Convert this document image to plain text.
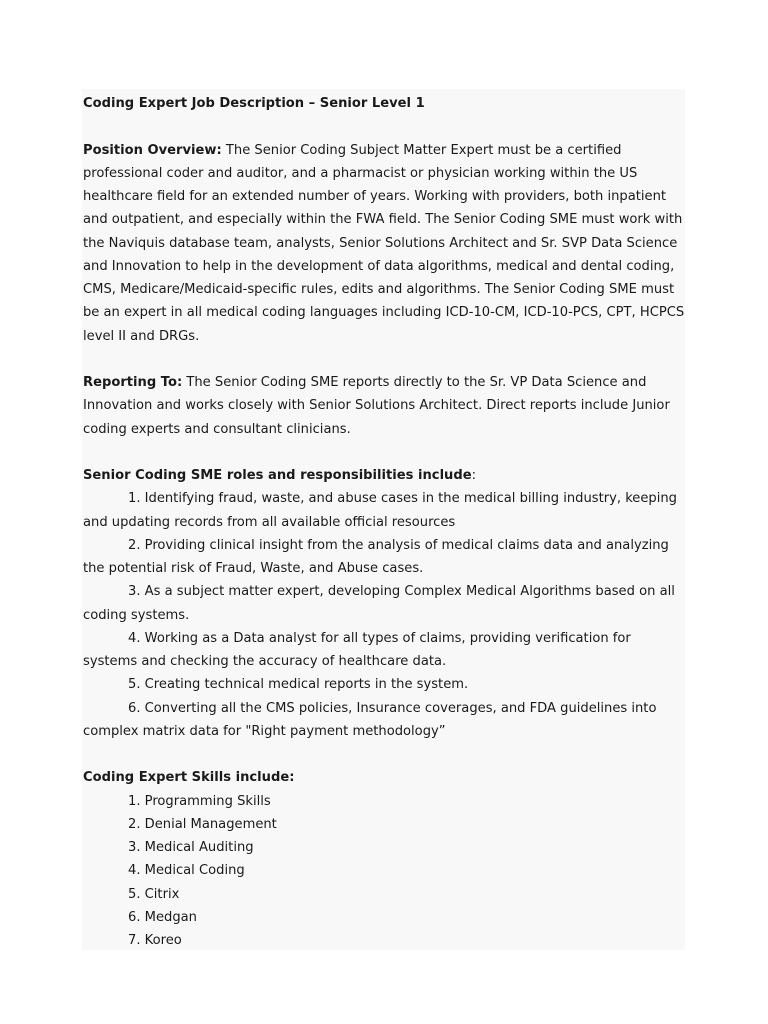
Coding Expert Job Description – Senior Level 1

Position Overview: The Senior Coding Subject Matter Expert must be a certified professional coder and auditor, and a pharmacist or physician working within the US healthcare field for an extended number of years. Working with providers, both inpatient and outpatient, and especially within the FWA field. The Senior Coding SME must work with the Naviquis database team, analysts, Senior Solutions Architect and Sr. SVP Data Science and Innovation to help in the development of data algorithms, medical and dental coding, CMS, Medicare/Medicaid-specific rules, edits and algorithms. The Senior Coding SME must be an expert in all medical coding languages including ICD-10-CM, ICD-10-PCS, CPT, HCPCS level II and DRGs.

Reporting To: The Senior Coding SME reports directly to the Sr. VP Data Science and Innovation and works closely with Senior Solutions Architect. Direct reports include Junior coding experts and consultant clinicians.

Senior Coding SME roles and responsibilities include:

1. Identifying fraud, waste, and abuse cases in the medical billing industry, keeping and updating records from all available official resources

2. Providing clinical insight from the analysis of medical claims data and analyzing the potential risk of Fraud, Waste, and Abuse cases.

3. As a subject matter expert, developing Complex Medical Algorithms based on all coding systems.

4. Working as a Data analyst for all types of claims, providing verification for systems and checking the accuracy of healthcare data.

5. Creating technical medical reports in the system.

6. Converting all the CMS policies, Insurance coverages, and FDA guidelines into complex matrix data for "Right payment methodology”

Coding Expert Skills include:

1. Programming Skills

2. Denial Management

3. Medical Auditing

4. Medical Coding

5. Citrix

6. Medgan

7. Koreo
